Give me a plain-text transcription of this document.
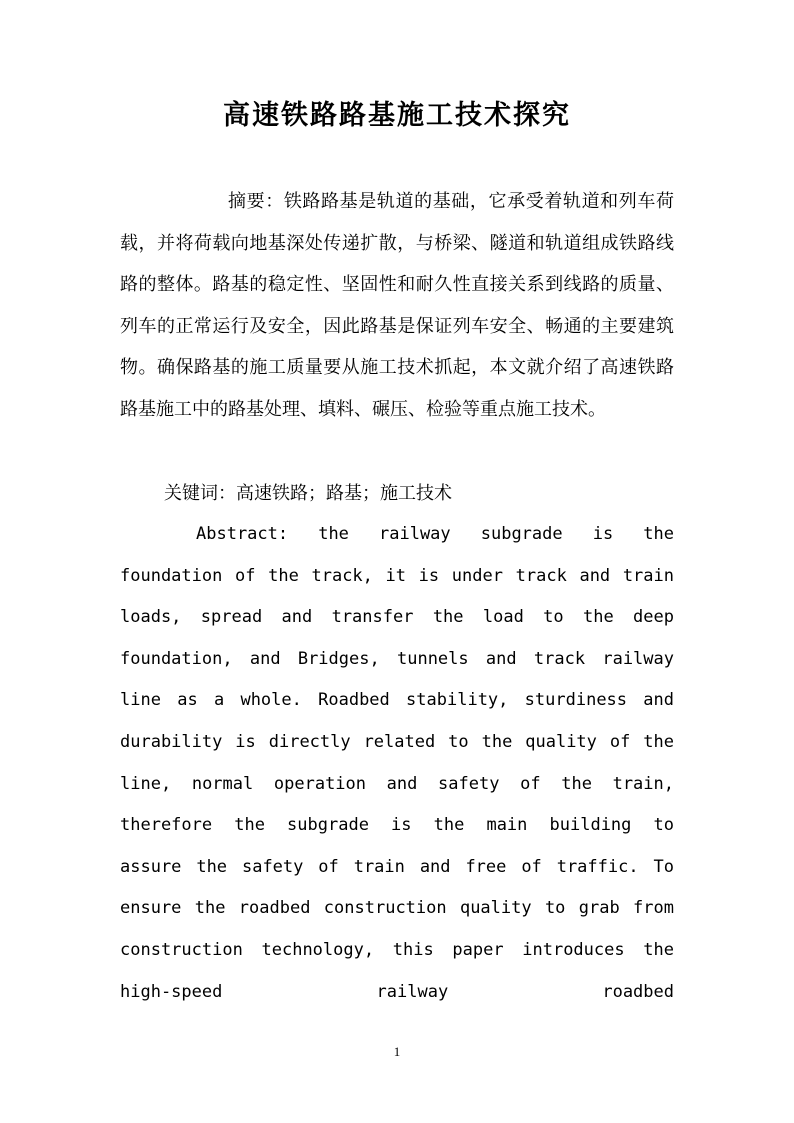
高速铁路路基施工技术探究
摘要：铁路路基是轨道的基础，它承受着轨道和列车荷载，并将荷载向地基深处传递扩散，与桥梁、隧道和轨道组成铁路线路的整体。路基的稳定性、坚固性和耐久性直接关系到线路的质量、列车的正常运行及安全，因此路基是保证列车安全、畅通的主要建筑物。确保路基的施工质量要从施工技术抓起，本文就介绍了高速铁路路基施工中的路基处理、填料、碾压、检验等重点施工技术。
关键词：高速铁路；路基；施工技术
Abstract: the railway subgrade is the foundation of the track, it is under track and train loads, spread and transfer the load to the deep foundation, and Bridges, tunnels and track railway line as a whole. Roadbed stability, sturdiness and durability is directly related to the quality of the line, normal operation and safety of the train, therefore the subgrade is the main building to assure the safety of train and free of traffic. To ensure the roadbed construction quality to grab from construction technology, this paper introduces the high-speed railway roadbed
1
